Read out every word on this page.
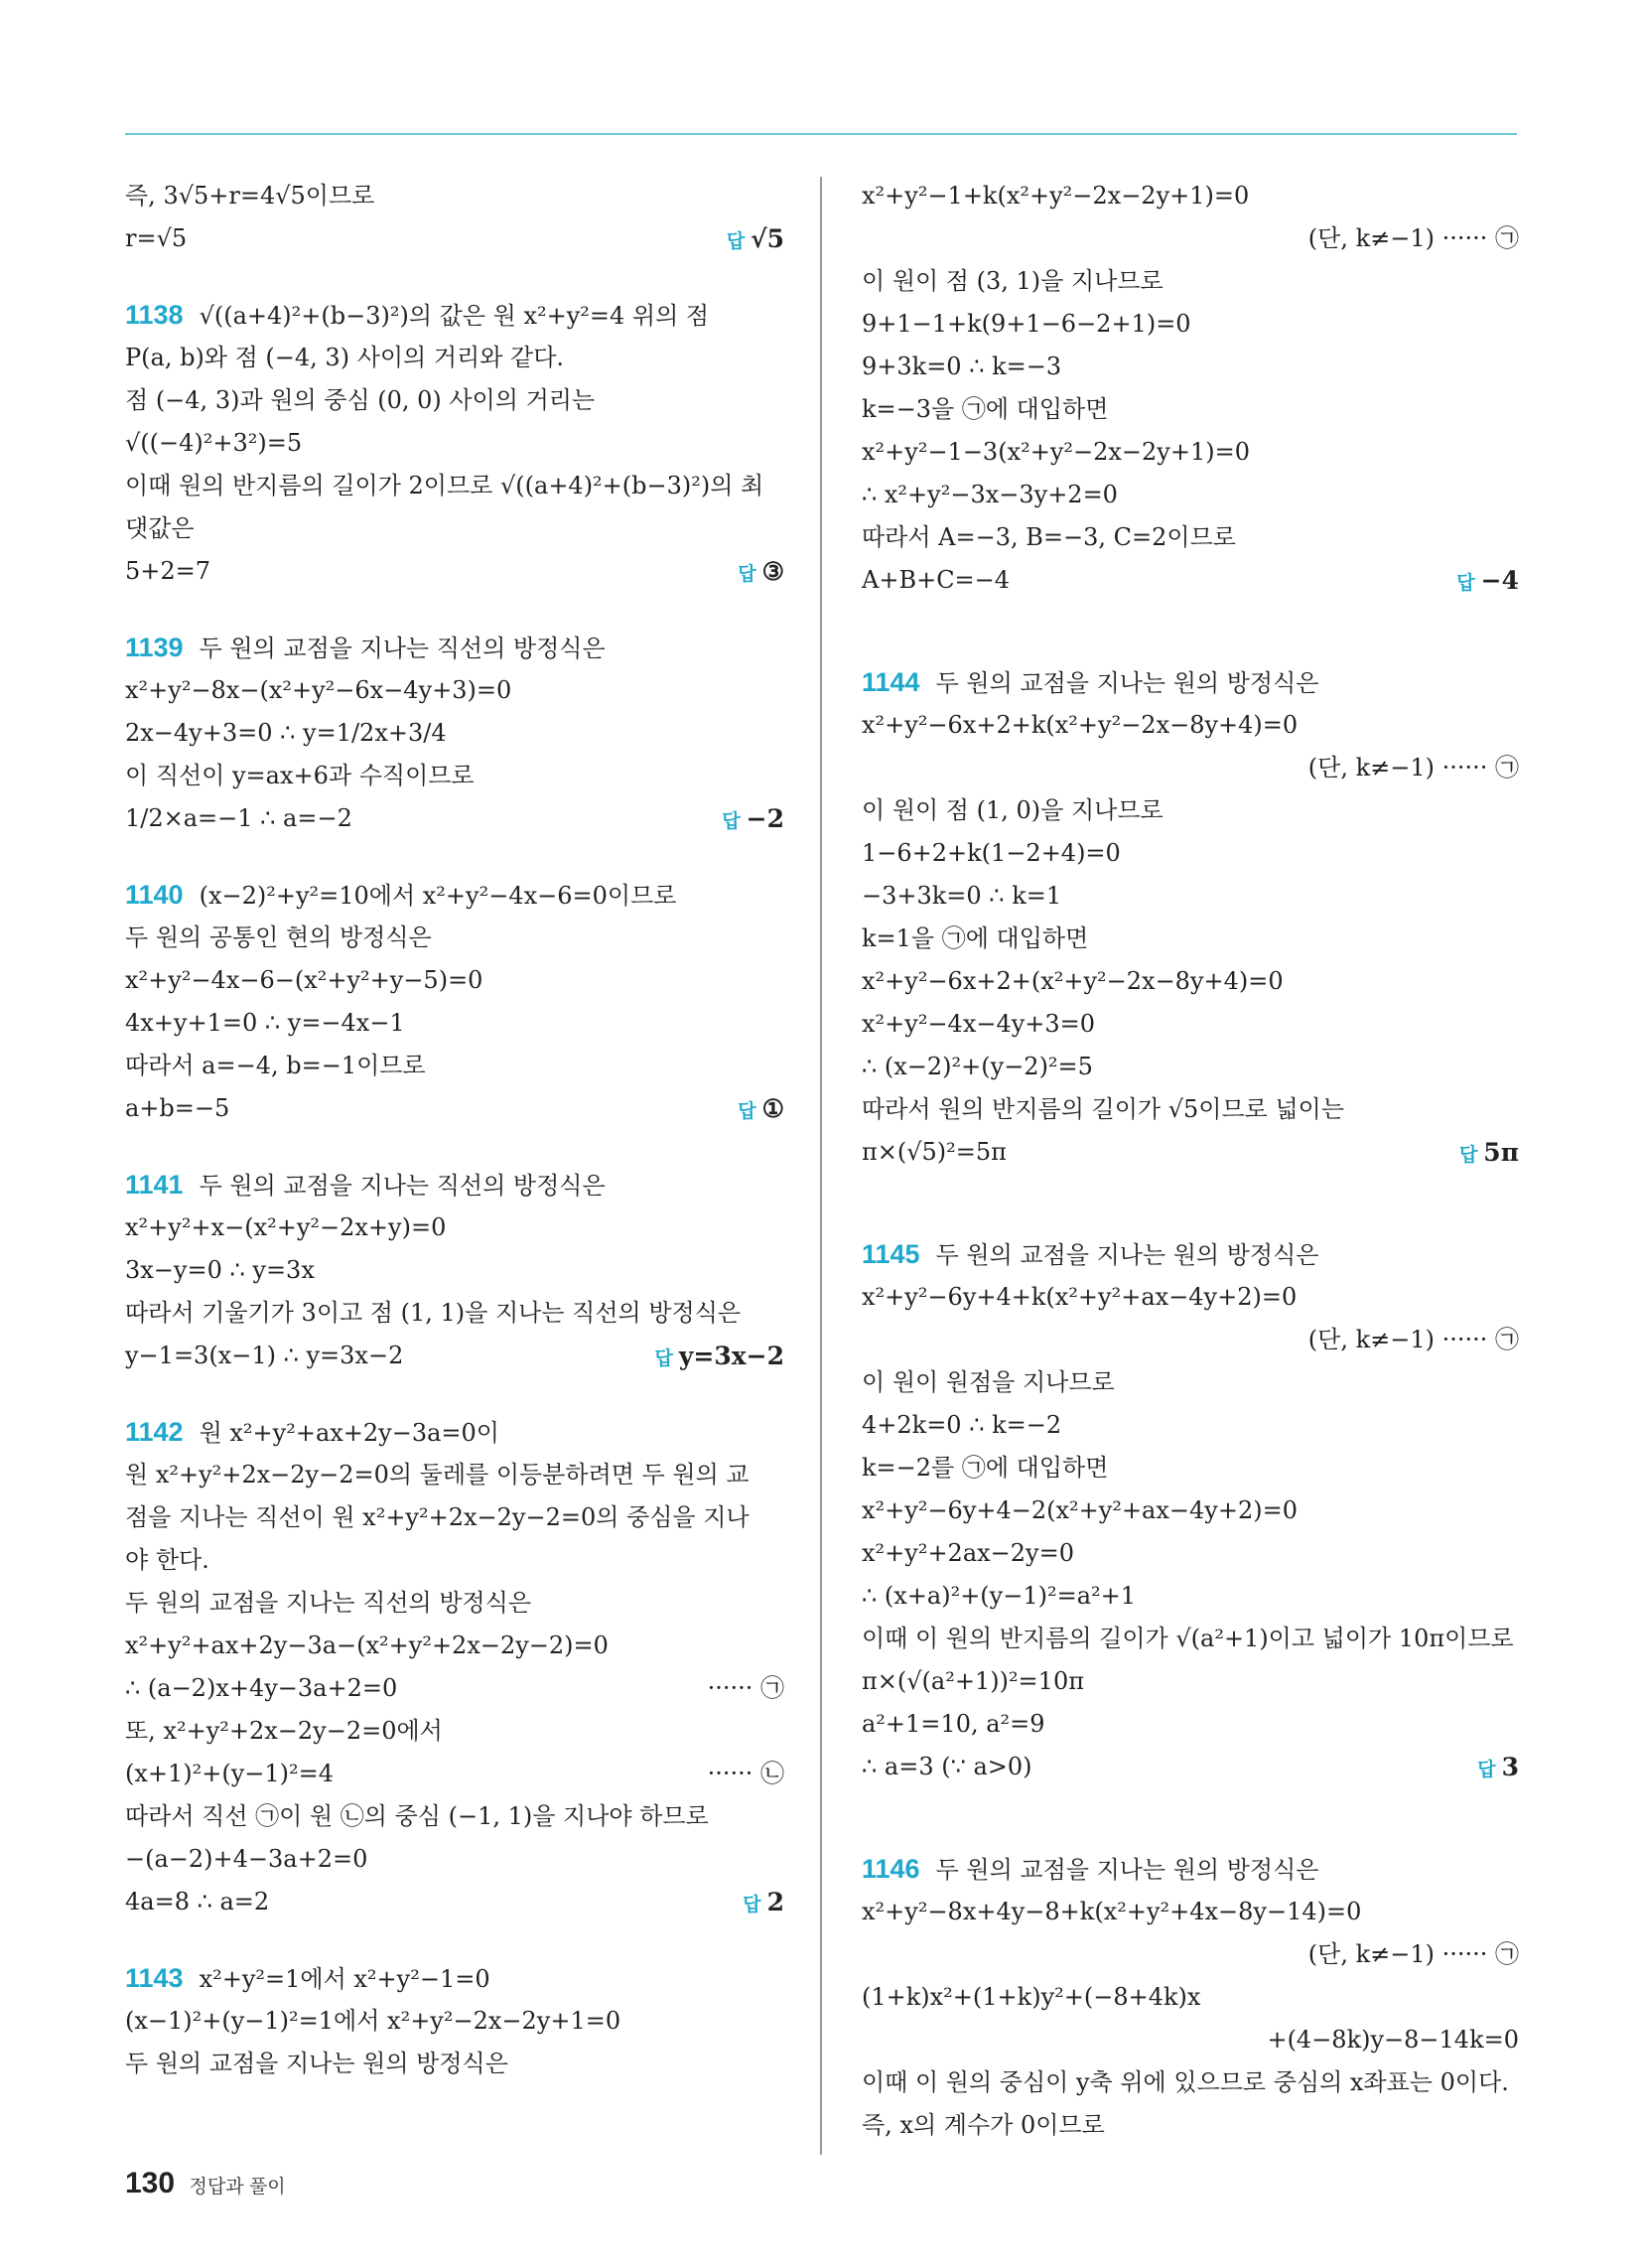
즉, 3√5+r=4√5이므로
r=√5	답 √5
1138 √((a+4)²+(b−3)²)의 값은 원 x²+y²=4 위의 점
P(a, b)와 점 (−4, 3) 사이의 거리와 같다.
점 (−4, 3)과 원의 중심 (0, 0) 사이의 거리는
√((−4)²+3²)=5
이때 원의 반지름의 길이가 2이므로 √((a+4)²+(b−3)²)의 최
댓값은
5+2=7	답 ③
1139 두 원의 교점을 지나는 직선의 방정식은
x²+y²−8x−(x²+y²−6x−4y+3)=0
2x−4y+3=0 ∴ y=1/2x+3/4
이 직선이 y=ax+6과 수직이므로
1/2×a=−1 ∴ a=−2	답 −2
1140 (x−2)²+y²=10에서 x²+y²−4x−6=0이므로
두 원의 공통인 현의 방정식은
x²+y²−4x−6−(x²+y²+y−5)=0
4x+y+1=0 ∴ y=−4x−1
따라서 a=−4, b=−1이므로
a+b=−5	답 ①
1141 두 원의 교점을 지나는 직선의 방정식은
x²+y²+x−(x²+y²−2x+y)=0
3x−y=0 ∴ y=3x
따라서 기울기가 3이고 점 (1, 1)을 지나는 직선의 방정식은
y−1=3(x−1) ∴ y=3x−2	답 y=3x−2
1142 원 x²+y²+ax+2y−3a=0이
원 x²+y²+2x−2y−2=0의 둘레를 이등분하려면 두 원의 교
점을 지나는 직선이 원 x²+y²+2x−2y−2=0의 중심을 지나
야 한다.
두 원의 교점을 지나는 직선의 방정식은
x²+y²+ax+2y−3a−(x²+y²+2x−2y−2)=0
∴ (a−2)x+4y−3a+2=0	······ ㉠
또, x²+y²+2x−2y−2=0에서
(x+1)²+(y−1)²=4	······ ㉡
따라서 직선 ㉠이 원 ㉡의 중심 (−1, 1)을 지나야 하므로
−(a−2)+4−3a+2=0
4a=8 ∴ a=2	답 2
1143 x²+y²=1에서 x²+y²−1=0
(x−1)²+(y−1)²=1에서 x²+y²−2x−2y+1=0
두 원의 교점을 지나는 원의 방정식은
x²+y²−1+k(x²+y²−2x−2y+1)=0
(단, k≠−1) ······ ㉠
이 원이 점 (3, 1)을 지나므로
9+1−1+k(9+1−6−2+1)=0
9+3k=0 ∴ k=−3
k=−3을 ㉠에 대입하면
x²+y²−1−3(x²+y²−2x−2y+1)=0
∴ x²+y²−3x−3y+2=0
따라서 A=−3, B=−3, C=2이므로
A+B+C=−4	답 −4
1144 두 원의 교점을 지나는 원의 방정식은
x²+y²−6x+2+k(x²+y²−2x−8y+4)=0
(단, k≠−1) ······ ㉠
이 원이 점 (1, 0)을 지나므로
1−6+2+k(1−2+4)=0
−3+3k=0 ∴ k=1
k=1을 ㉠에 대입하면
x²+y²−6x+2+(x²+y²−2x−8y+4)=0
x²+y²−4x−4y+3=0
∴ (x−2)²+(y−2)²=5
따라서 원의 반지름의 길이가 √5이므로 넓이는
π×(√5)²=5π	답 5π
1145 두 원의 교점을 지나는 원의 방정식은
x²+y²−6y+4+k(x²+y²+ax−4y+2)=0
(단, k≠−1) ······ ㉠
이 원이 원점을 지나므로
4+2k=0 ∴ k=−2
k=−2를 ㉠에 대입하면
x²+y²−6y+4−2(x²+y²+ax−4y+2)=0
x²+y²+2ax−2y=0
∴ (x+a)²+(y−1)²=a²+1
이때 이 원의 반지름의 길이가 √(a²+1)이고 넓이가 10π이므로
π×(√(a²+1))²=10π
a²+1=10, a²=9
∴ a=3 (∵ a>0)	답 3
1146 두 원의 교점을 지나는 원의 방정식은
x²+y²−8x+4y−8+k(x²+y²+4x−8y−14)=0
(단, k≠−1) ······ ㉠
(1+k)x²+(1+k)y²+(−8+4k)x
+(4−8k)y−8−14k=0
이때 이 원의 중심이 y축 위에 있으므로 중심의 x좌표는 0이다.
즉, x의 계수가 0이므로
130 정답과 풀이
